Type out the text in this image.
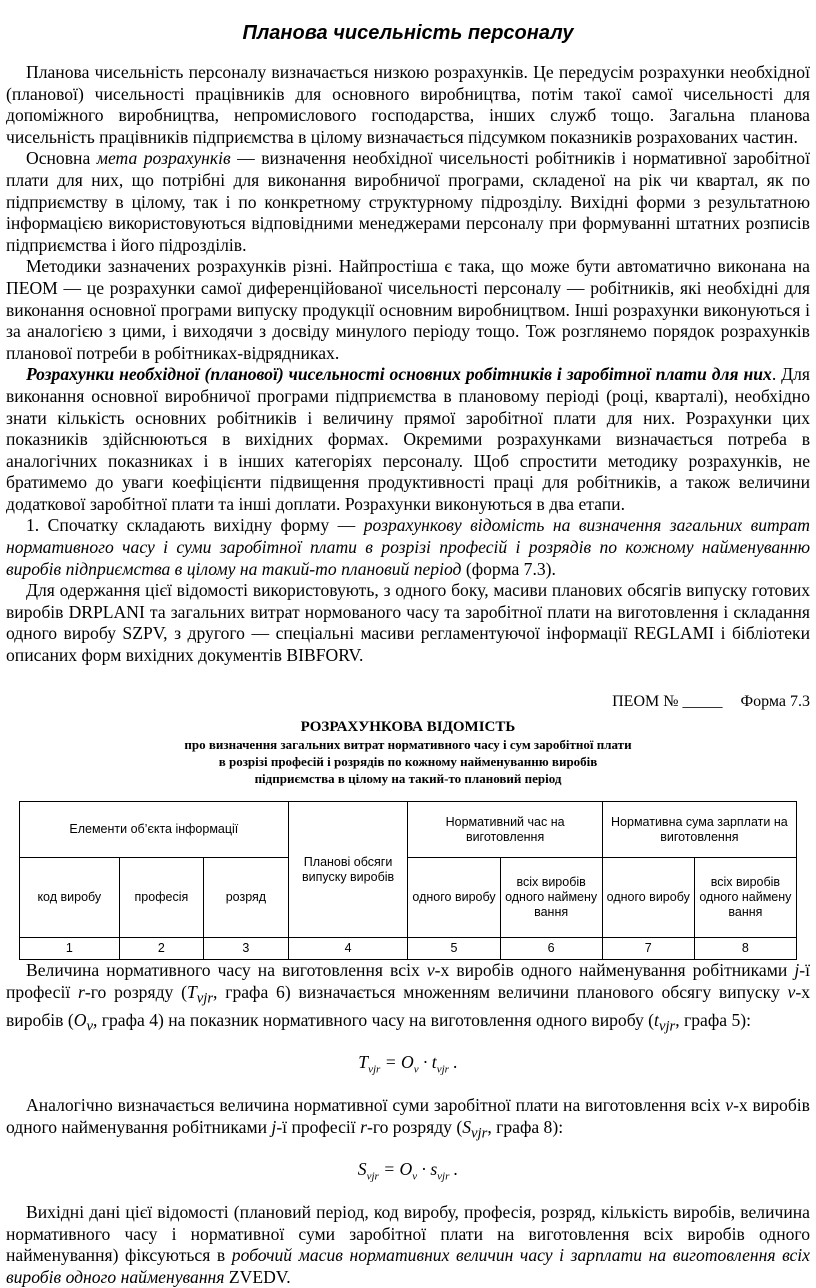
Планова чисельність персоналу

Планова чисельність персоналу визначається низкою розрахунків. Це передусім розрахунки необхідної (планової) чисельності працівників для основного виробництва, потім такої самої чисельності для допоміжного виробництва, непромислового господарства, інших служб тощо. Загальна планова чисельність працівників підприємства в цілому визначається підсумком показників розрахованих частин.

Основна мета розрахунків — визначення необхідної чисельності робітників і нормативної заробітної плати для них, що потрібні для виконання виробничої програми, складеної на рік чи квартал, як по підприємству в цілому, так і по конкретному структурному підрозділу. Вихідні форми з результатною інформацією використовуються відповідними менеджерами персоналу при формуванні штатних розписів підприємства і його підрозділів.

Методики зазначених розрахунків різні. Найпростіша є така, що може бути автоматично виконана на ПЕОМ — це розрахунки самої диференційованої чисельності персоналу — робітників, які необхідні для виконання основної програми випуску продукції основним виробництвом. Інші розрахунки виконуються і за аналогією з цими, і виходячи з досвіду минулого періоду тощо. Тож розглянемо порядок розрахунків планової потреби в робітниках-відрядниках.

Розрахунки необхідної (планової) чисельності основних робітників і заробітної плати для них. Для виконання основної виробничої програми підприємства в плановому періоді (році, кварталі), необхідно знати кількість основних робітників і величину прямої заробітної плати для них. Розрахунки цих показників здійснюються в вихідних формах. Окремими розрахунками визначається потреба в аналогічних показниках і в інших категоріях персоналу. Щоб спростити методику розрахунків, не братимемо до уваги коефіцієнти підвищення продуктивності праці для робітників, а також величини додаткової заробітної плати та інші доплати. Розрахунки виконуються в два етапи.

1. Спочатку складають вихідну форму — розрахункову відомість на визначення загальних витрат нормативного часу і суми заробітної плати в розрізі професій і розрядів по кожному найменуванню виробів підприємства в цілому на такий-то плановий період (форма 7.3).

Для одержання цієї відомості використовують, з одного боку, масиви планових обсягів випуску готових виробів DRPLANI та загальних витрат нормованого часу та заробітної плати на виготовлення і складання одного виробу SZPV, з другого — спеціальні масиви регламентуючої інформації REGLAMI і бібліотеки описаних форм вихідних документів BIBFORV.

ПЕОМ № _____ Форма 7.3
РОЗРАХУНКОВА ВІДОМІСТЬ
про визначення загальних витрат нормативного часу і сум заробітної плати
в розрізі професій і розрядів по кожному найменуванню виробів
підприємства в цілому на такий-то плановий період
Елементи об’єкта інформації			Планові обсяги випуску виробів	Нормативний час на виготовлення		Нормативна сума зарплати на виготовлення	
код виробу	професія	розряд		одного виробу	всіх виробів одного наймену вання	одного виробу	всіх виробів одного наймену вання
1	2	3	4	5	6	7	8

Величина нормативного часу на виготовлення всіх v-х виробів одного найменування робітниками j-ї професії r-го розряду ($T_{vjr}$, графа 6) визначається множенням величини планового обсягу випуску v-х виробів ($O_v$, графа 4) на показник нормативного часу на виготовлення одного виробу ($t_{vjr}$, графа 5):

$T_{vjr} = O_v \cdot t_{vjr}$ .

Аналогічно визначається величина нормативної суми заробітної плати на виготовлення всіх v-х виробів одного найменування робітниками j-ї професії r-го розряду ($S_{vjr}$, графа 8):

$S_{vjr} = O_v \cdot s_{vjr}$ .

Вихідні дані цієї відомості (плановий період, код виробу, професія, розряд, кількість виробів, величина нормативного часу і нормативної суми заробітної плати на виготовлення всіх виробів одного найменування) фіксуються в робочий масив нормативних величин часу і зарплати на виготовлення всіх виробів одного найменування ZVEDV.
